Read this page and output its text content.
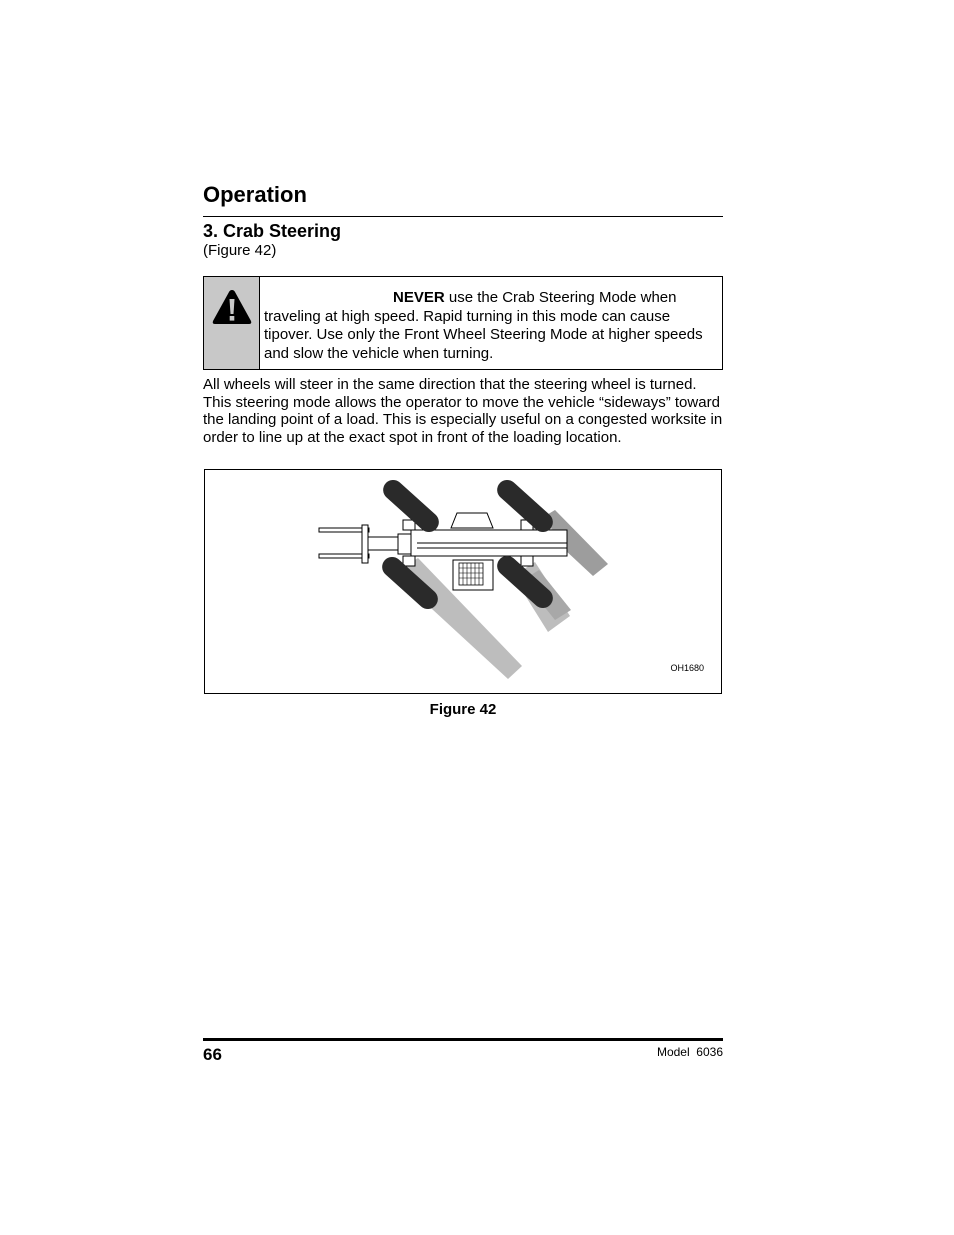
Operation
3. Crab Steering
(Figure 42)
NEVER use the Crab Steering Mode when traveling at high speed. Rapid turning in this mode can cause tipover. Use only the Front Wheel Steering Mode at higher speeds and slow the vehicle when turning.

All wheels will steer in the same direction that the steering wheel is turned. This steering mode allows the operator to move the vehicle “sideways” toward the landing point of a load. This is especially useful on a congested worksite in order to line up at the exact spot in front of the loading location.

OH1680
Figure 42
66	Model  6036
